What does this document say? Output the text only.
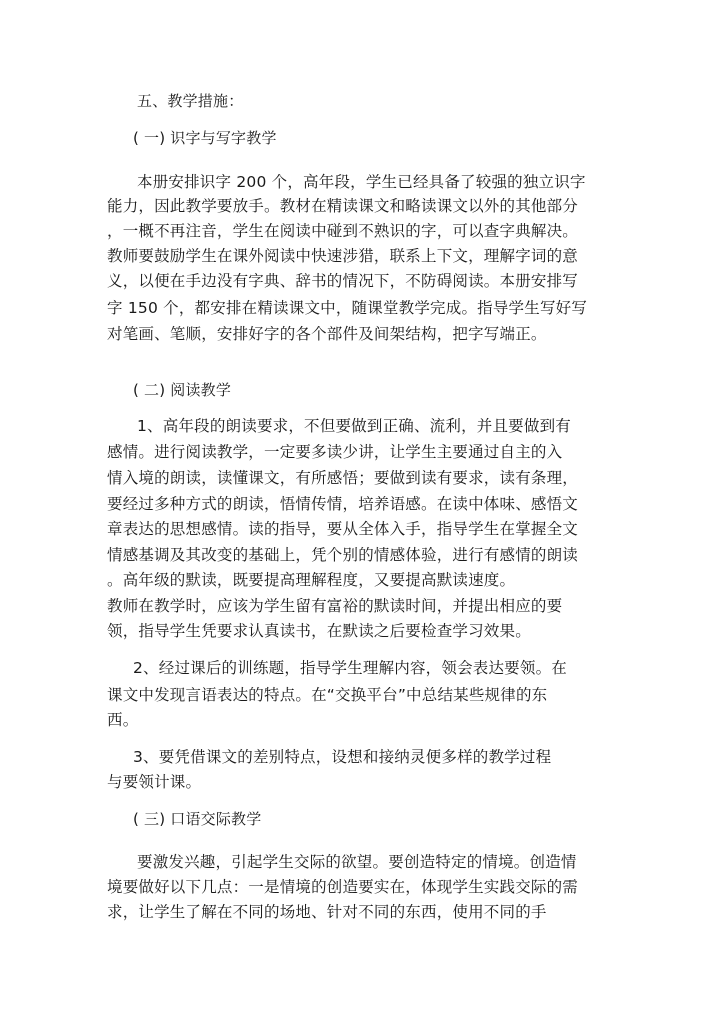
五、教学措施：
( 一) 识字与写字教学
本册安排识字 200 个，高年段，学生已经具备了较强的独立识字
能力，因此教学要放手。教材在精读课文和略读课文以外的其他部分
，一概不再注音，学生在阅读中碰到不熟识的字，可以查字典解决。
教师要鼓励学生在课外阅读中快速涉猎，联系上下文，理解字词的意
义，以便在手边没有字典、辞书的情况下，不防碍阅读。本册安排写
字 150 个，都安排在精读课文中，随课堂教学完成。指导学生写好写
对笔画、笔顺，安排好字的各个部件及间架结构，把字写端正。
( 二) 阅读教学
1、高年段的朗读要求，不但要做到正确、流利，并且要做到有
感情。进行阅读教学，一定要多读少讲，让学生主要通过自主的入
情入境的朗读，读懂课文，有所感悟；要做到读有要求，读有条理，
要经过多种方式的朗读，悟情传情，培养语感。在读中体味、感悟文
章表达的思想感情。读的指导，要从全体入手，指导学生在掌握全文
情感基调及其改变的基础上，凭个别的情感体验，进行有感情的朗读
。高年级的默读，既要提高理解程度，又要提高默读速度。
教师在教学时，应该为学生留有富裕的默读时间，并提出相应的要
领，指导学生凭要求认真读书，在默读之后要检查学习效果。
2、经过课后的训练题，指导学生理解内容，领会表达要领。在
课文中发现言语表达的特点。在“交换平台”中总结某些规律的东
西。
3、要凭借课文的差别特点，设想和接纳灵便多样的教学过程
与要领计课。
( 三) 口语交际教学
要激发兴趣，引起学生交际的欲望。要创造特定的情境。创造情
境要做好以下几点：一是情境的创造要实在，体现学生实践交际的需
求，让学生了解在不同的场地、针对不同的东西，使用不同的手
